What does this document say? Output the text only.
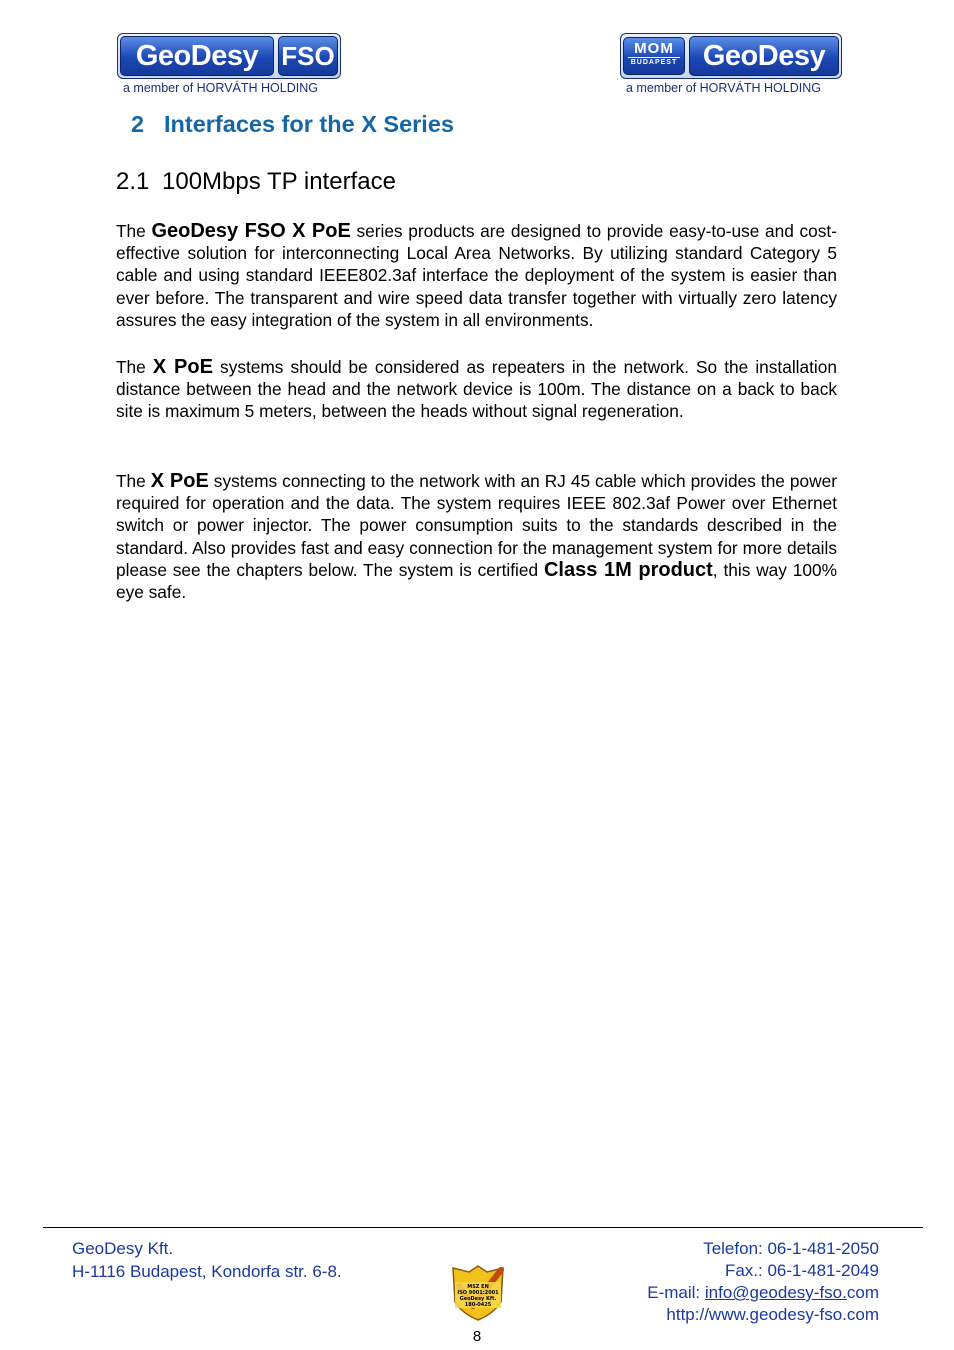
GeoDesy FSO
a member of HORVÁTH HOLDING
MOM
BUDAPEST GeoDesy
a member of HORVÁTH HOLDING
2 Interfaces for the X Series
2.1 100Mbps TP interface
The GeoDesy FSO X PoE series products are designed to provide easy-to-use and cost-effective solution for interconnecting Local Area Networks. By utilizing standard Category 5 cable and using standard IEEE802.3af interface the deployment of the system is easier than ever before. The transparent and wire speed data transfer together with virtually zero latency assures the easy integration of the system in all environments.
The X PoE systems should be considered as repeaters in the network. So the installation distance between the head and the network device is 100m. The distance on a back to back site is maximum 5 meters, between the heads without signal regeneration.
The X PoE systems connecting to the network with an RJ 45 cable which provides the power required for operation and the data. The system requires IEEE 802.3af Power over Ethernet switch or power injector. The power consumption suits to the standards described in the standard. Also provides fast and easy connection for the management system for more details please see the chapters below. The system is certified Class 1M product, this way 100% eye safe.
GeoDesy Kft.
H-1116 Budapest, Kondorfa str. 6-8.
Telefon: 06-1-481-2050
Fax.: 06-1-481-2049
E-mail: info@geodesy-fso.com
http://www.geodesy-fso.com
MSZ EN
ISO 9001:2001
GeoDesy Kft.
180-0425
8
